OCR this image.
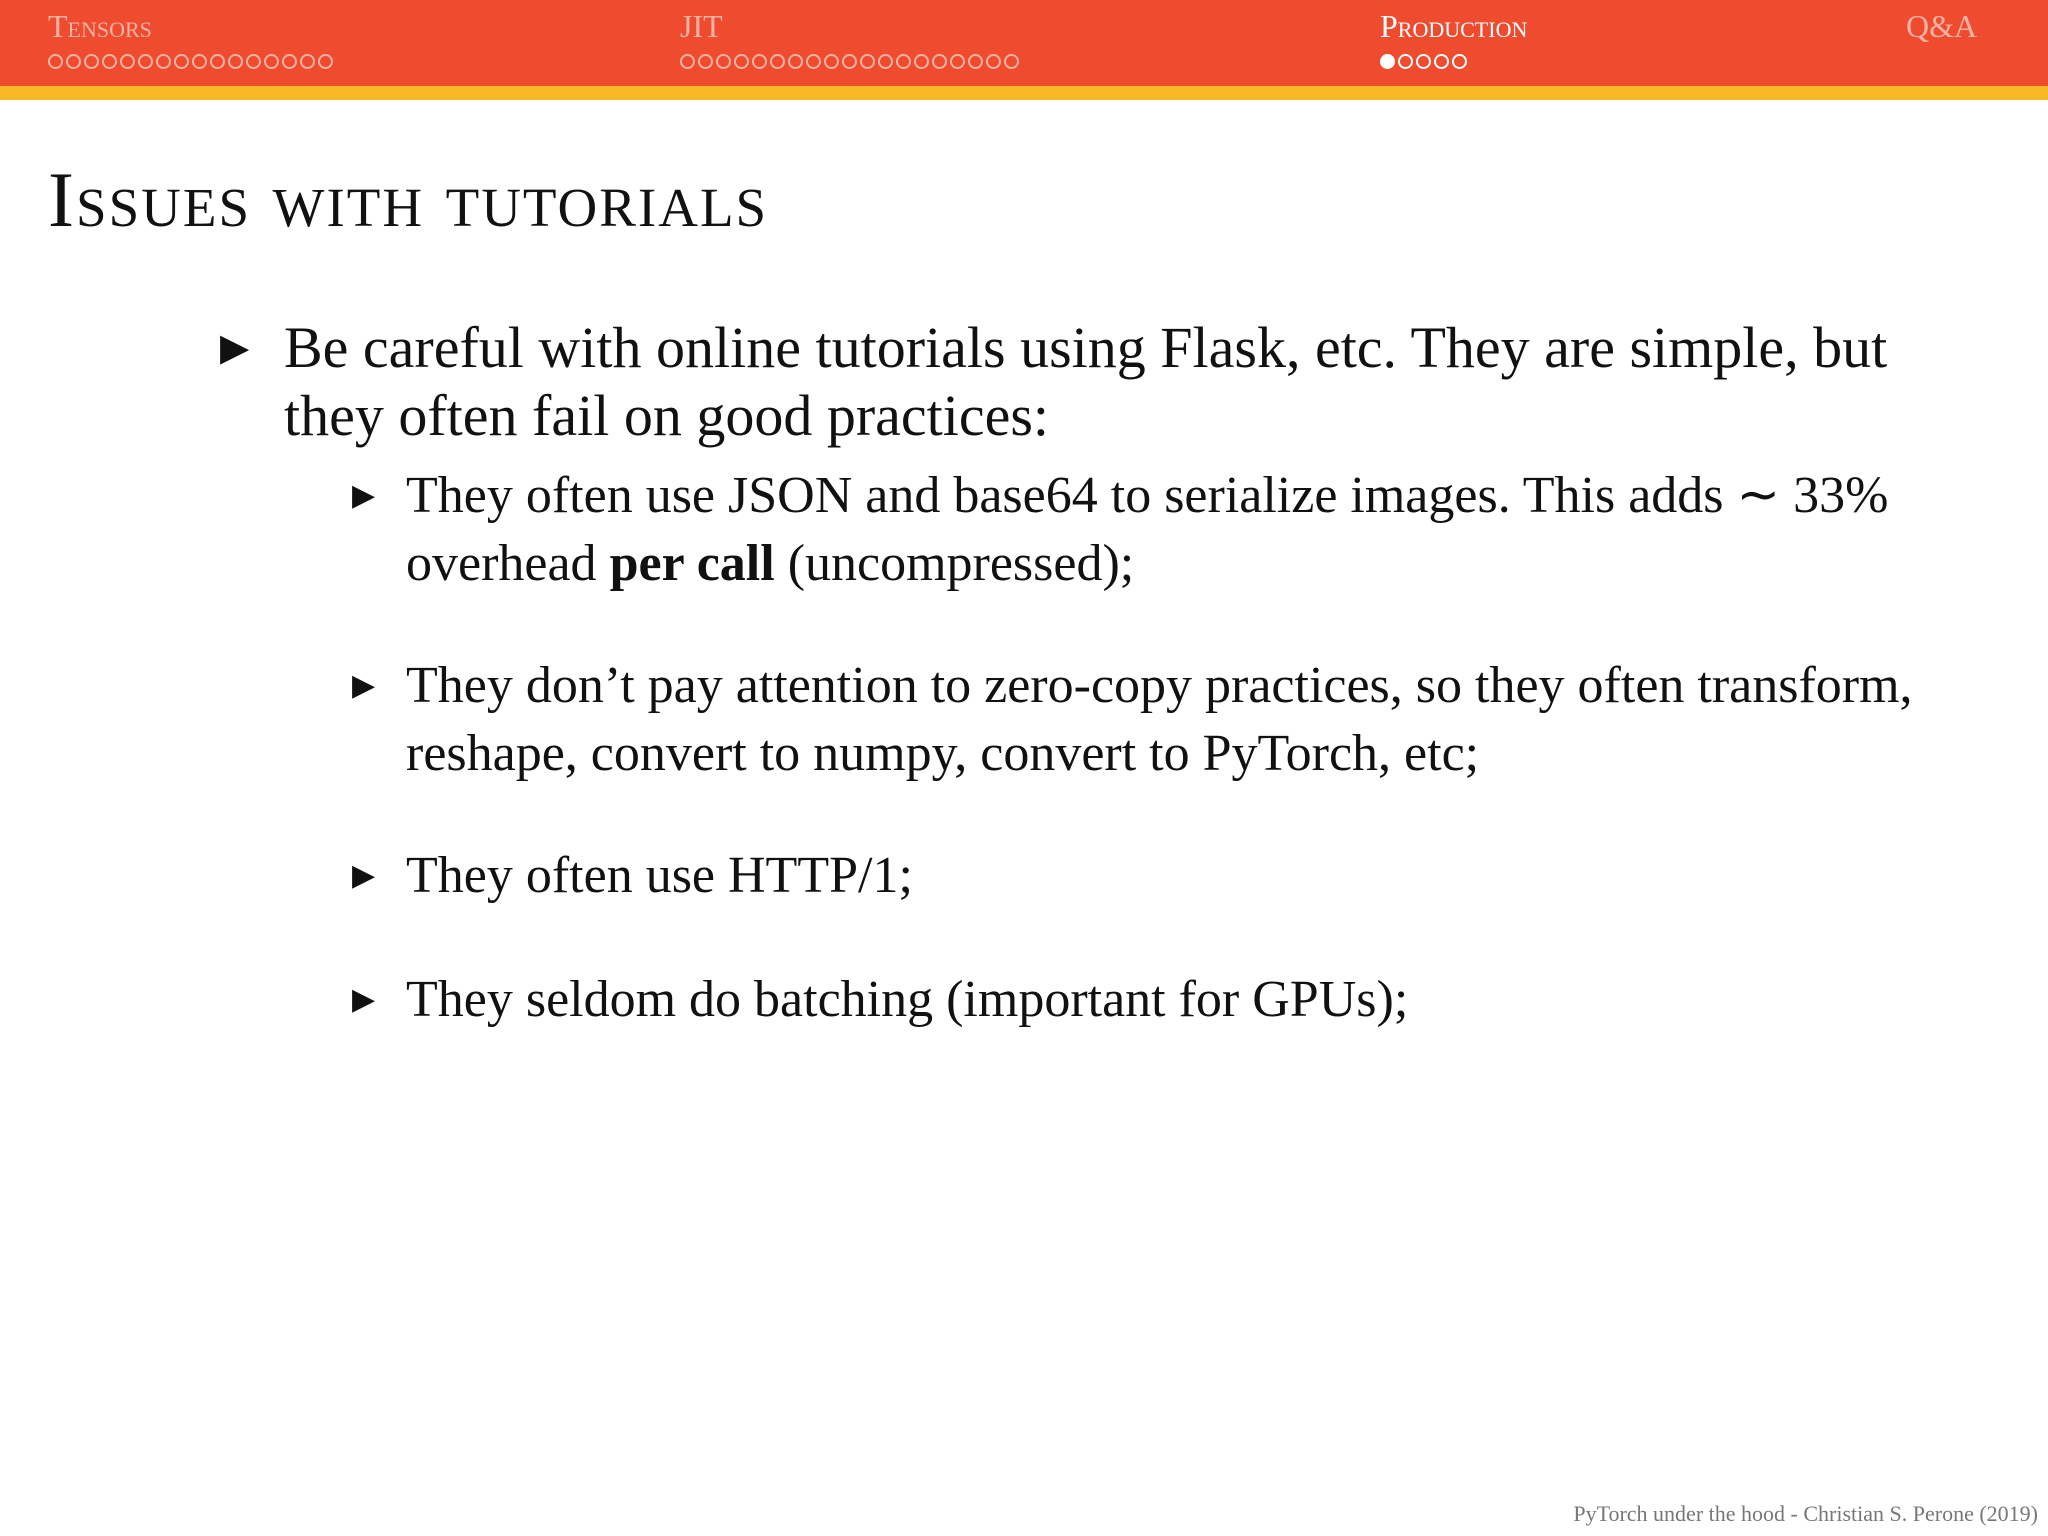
Tensors	JIT	Production	Q&A
Issues with tutorials
▶ Be careful with online tutorials using Flask, etc. They are simple, but they often fail on good practices:
▶ They often use JSON and base64 to serialize images. This adds ∼ 33% overhead per call (uncompressed);
▶ They don’t pay attention to zero-copy practices, so they often transform, reshape, convert to numpy, convert to PyTorch, etc;
▶ They often use HTTP/1;
▶ They seldom do batching (important for GPUs);
PyTorch under the hood - Christian S. Perone (2019)
